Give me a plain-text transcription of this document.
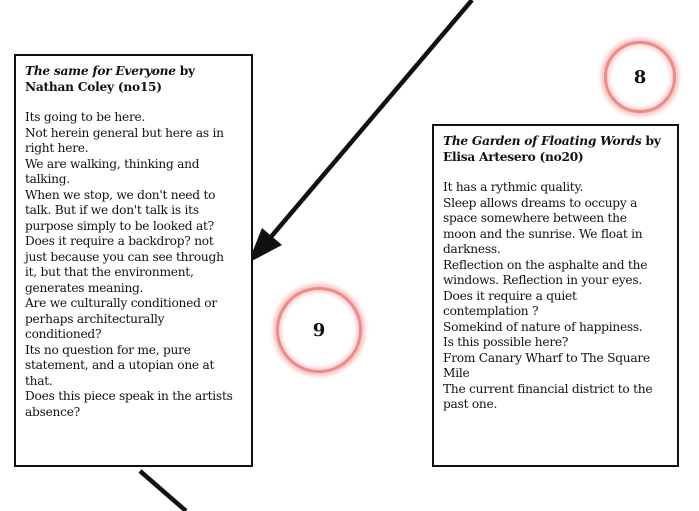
The same for Everyone by
Nathan Coley (no15)
Its going to be here.
Not herein general but here as in
right here.
We are walking, thinking and
talking.
When we stop, we don't need to
talk. But if we don't talk is its
purpose simply to be looked at?
Does it require a backdrop? not
just because you can see through
it, but that the environment,
generates meaning.
Are we culturally conditioned or
perhaps architecturally
conditioned?
Its no question for me, pure
statement, and a utopian one at
that.
Does this piece speak in the artists
absence?
The Garden of Floating Words by
Elisa Artesero (no20)
It has a rythmic quality.
Sleep allows dreams to occupy a
space somewhere between the
moon and the sunrise. We float in
darkness.
Reflection on the asphalte and the
windows. Reflection in your eyes.
Does it require a quiet
contemplation ?
Somekind of nature of happiness.
Is this possible here?
From Canary Wharf to The Square
Mile
The current financial district to the
past one.
8
9
